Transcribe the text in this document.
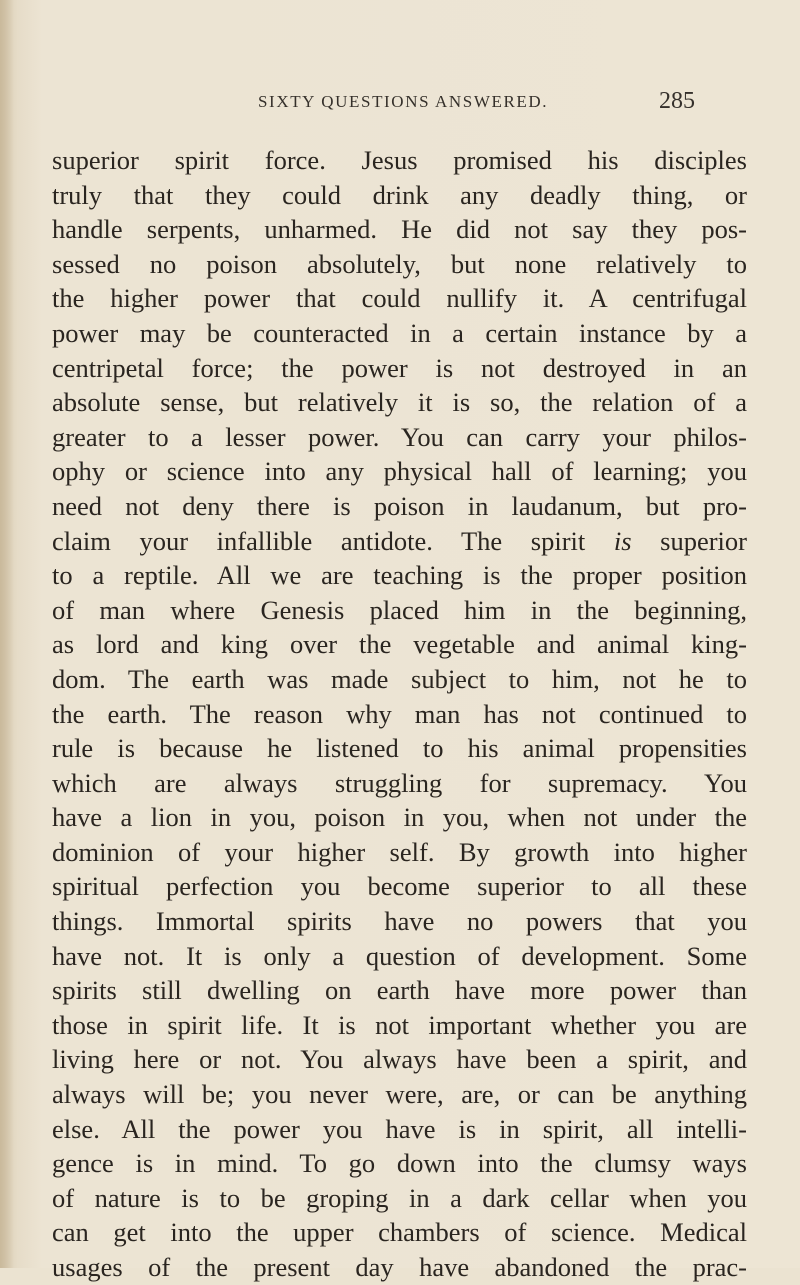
SIXTY QUESTIONS ANSWERED.	285
superior spirit force. Jesus promised his disciples
truly that they could drink any deadly thing, or
handle serpents, unharmed. He did not say they pos-
sessed no poison absolutely, but none relatively to
the higher power that could nullify it. A centrifugal
power may be counteracted in a certain instance by a
centripetal force; the power is not destroyed in an
absolute sense, but relatively it is so, the relation of a
greater to a lesser power. You can carry your philos-
ophy or science into any physical hall of learning; you
need not deny there is poison in laudanum, but pro-
claim your infallible antidote. The spirit is superior
to a reptile. All we are teaching is the proper position
of man where Genesis placed him in the beginning,
as lord and king over the vegetable and animal king-
dom. The earth was made subject to him, not he to
the earth. The reason why man has not continued to
rule is because he listened to his animal propensities
which are always struggling for supremacy. You
have a lion in you, poison in you, when not under the
dominion of your higher self. By growth into higher
spiritual perfection you become superior to all these
things. Immortal spirits have no powers that you
have not. It is only a question of development. Some
spirits still dwelling on earth have more power than
those in spirit life. It is not important whether you are
living here or not. You always have been a spirit, and
always will be; you never were, are, or can be anything
else. All the power you have is in spirit, all intelli-
gence is in mind. To go down into the clumsy ways
of nature is to be groping in a dark cellar when you
can get into the upper chambers of science. Medical
usages of the present day have abandoned the prac-
